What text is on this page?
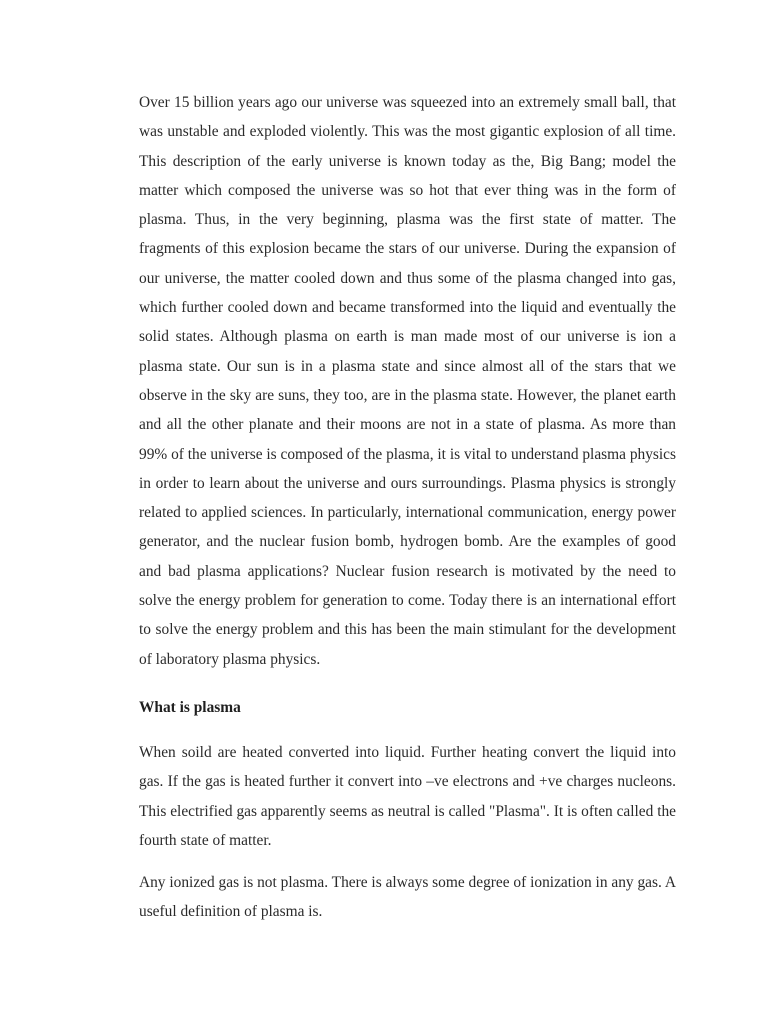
Over 15 billion years ago our universe was squeezed into an extremely small ball, that was unstable and exploded violently. This was the most gigantic explosion of all time. This description of the early universe is known today as the, Big Bang; model the matter which composed the universe was so hot that ever thing was in the form of plasma. Thus, in the very beginning, plasma was the first state of matter. The fragments of this explosion became the stars of our universe. During the expansion of our universe, the matter cooled down and thus some of the plasma changed into gas, which further cooled down and became transformed into the liquid and eventually the solid states. Although plasma on earth is man made most of our universe is ion a plasma state. Our sun is in a plasma state and since almost all of the stars that we observe in the sky are suns, they too, are in the plasma state. However, the planet earth and all the other planate and their moons are not in a state of plasma. As more than 99% of the universe is composed of the plasma, it is vital to understand plasma physics in order to learn about the universe and ours surroundings. Plasma physics is strongly related to applied sciences. In particularly, international communication, energy power generator, and the nuclear fusion bomb, hydrogen bomb. Are the examples of good and bad plasma applications? Nuclear fusion research is motivated by the need to solve the energy problem for generation to come. Today there is an international effort to solve the energy problem and this has been the main stimulant for the development of laboratory plasma physics.

What is plasma

When soild are heated converted into liquid. Further heating convert the liquid into gas. If the gas is heated further it convert into –ve electrons and +ve charges nucleons. This electrified gas apparently seems as neutral is called "Plasma". It is often called the fourth state of matter.

Any ionized gas is not plasma. There is always some degree of ionization in any gas. A useful definition of plasma is.
